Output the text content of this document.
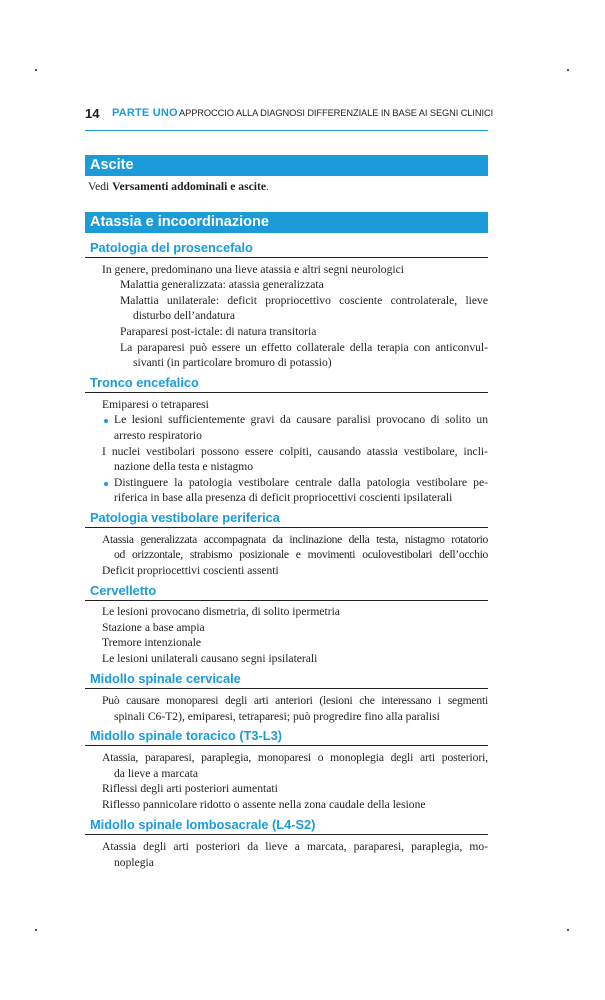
14 PARTE UNO APPROCCIO ALLA DIAGNOSI DIFFERENZIALE IN BASE AI SEGNI CLINICI
Ascite
Vedi Versamenti addominali e ascite.
Atassia e incoordinazione
Patologia del prosencefalo
In genere, predominano una lieve atassia e altri segni neurologici
Malattia generalizzata: atassia generalizzata
Malattia unilaterale: deficit propriocettivo cosciente controlaterale, lieve
disturbo dell’andatura
Paraparesi post-ictale: di natura transitoria
La paraparesi può essere un effetto collaterale della terapia con anticonvul-
sivanti (in particolare bromuro di potassio)
Tronco encefalico
Emiparesi o tetraparesi
Le lesioni sufficientemente gravi da causare paralisi provocano di solito un
arresto respiratorio
I nuclei vestibolari possono essere colpiti, causando atassia vestibolare, incli-
nazione della testa e nistagmo
Distinguere la patologia vestibolare centrale dalla patologia vestibolare pe-
riferica in base alla presenza di deficit propriocettivi coscienti ipsilaterali
Patologia vestibolare periferica
Atassia generalizzata accompagnata da inclinazione della testa, nistagmo rotatorio
od orizzontale, strabismo posizionale e movimenti oculovestibolari dell’occhio
Deficit propriocettivi coscienti assenti
Cervelletto
Le lesioni provocano dismetria, di solito ipermetria
Stazione a base ampia
Tremore intenzionale
Le lesioni unilaterali causano segni ipsilaterali
Midollo spinale cervicale
Può causare monoparesi degli arti anteriori (lesioni che interessano i segmenti
spinali C6-T2), emiparesi, tetraparesi; può progredire fino alla paralisi
Midollo spinale toracico (T3-L3)
Atassia, paraparesi, paraplegia, monoparesi o monoplegia degli arti posteriori,
da lieve a marcata
Riflessi degli arti posteriori aumentati
Riflesso pannicolare ridotto o assente nella zona caudale della lesione
Midollo spinale lombosacrale (L4-S2)
Atassia degli arti posteriori da lieve a marcata, paraparesi, paraplegia, mo-
noplegia
